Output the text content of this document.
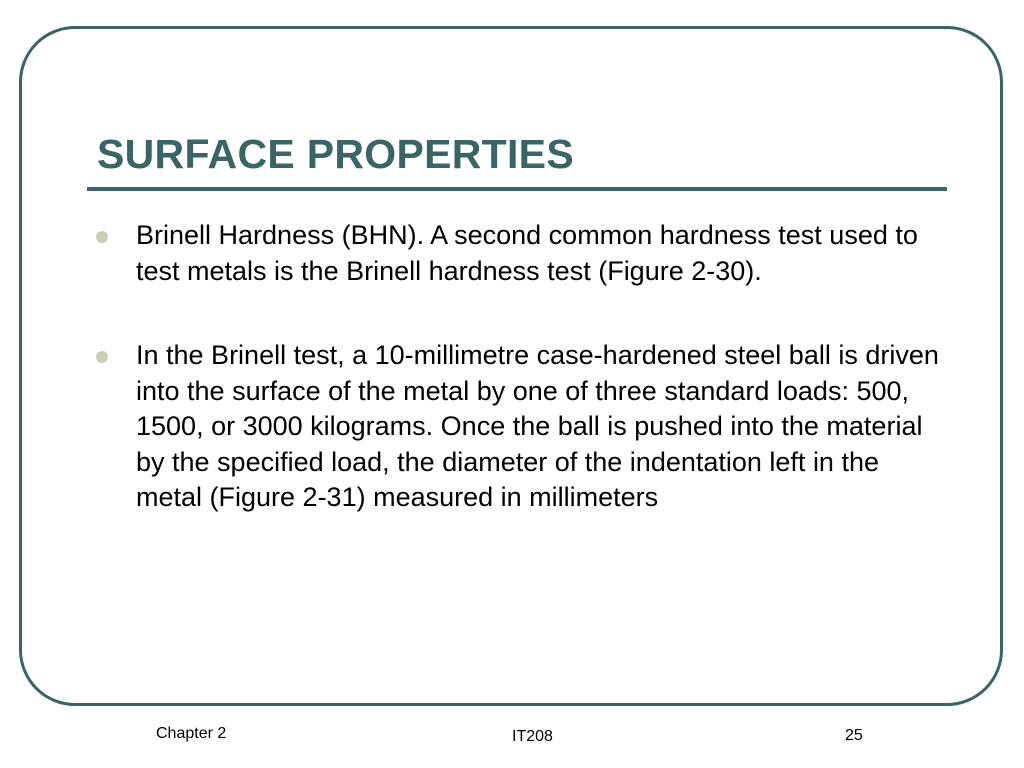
SURFACE PROPERTIES
Brinell Hardness (BHN). A second common hardness test used to test metals is the Brinell hardness test (Figure 2-30).
In the Brinell test, a 10-millimetre case-hardened steel ball is driven into the surface of the metal by one of three standard loads: 500, 1500, or 3000 kilograms. Once the ball is pushed into the material by the specified load, the diameter of the indentation left in the metal (Figure 2-31) measured in millimeters
Chapter 2	IT208	25
